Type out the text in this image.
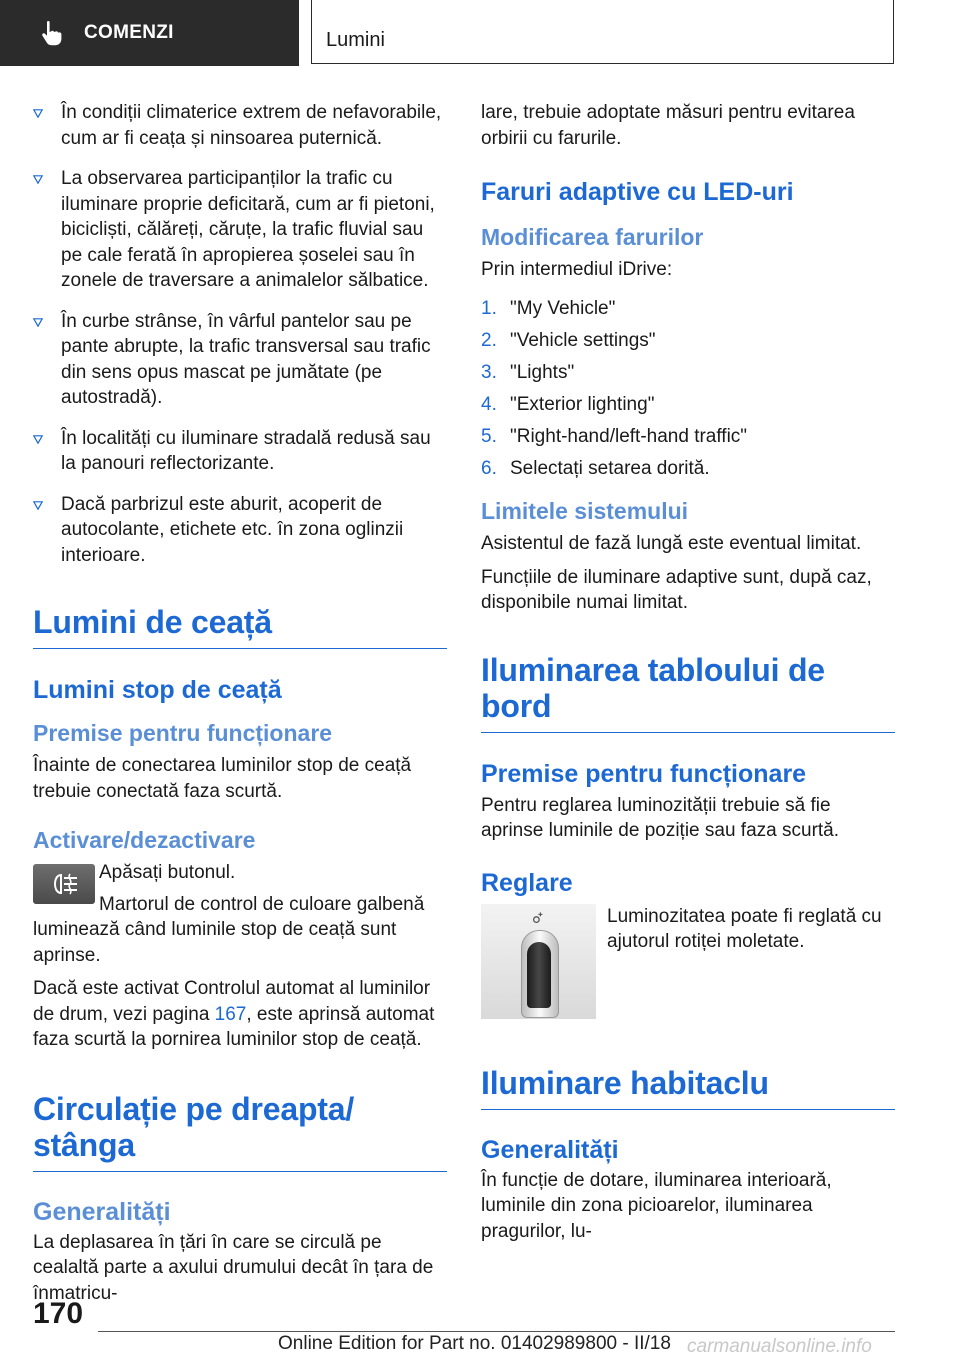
COMENZI	Lumini
În condiții climaterice extrem de nefavorabile, cum ar fi ceața și ninsoarea puternică.
La observarea participanților la trafic cu iluminare proprie deficitară, cum ar fi pietoni, bicicliști, călăreți, căruțe, la trafic fluvial sau pe cale ferată în apropierea șoselei sau în zonele de traversare a animalelor sălbatice.
În curbe strânse, în vârful pantelor sau pe pante abrupte, la trafic transversal sau trafic din sens opus mascat pe jumătate (pe autostradă).
În localități cu iluminare stradală redusă sau la panouri reflectorizante.
Dacă parbrizul este aburit, acoperit de autocolante, etichete etc. în zona oglinzii interioare.
Lumini de ceață
Lumini stop de ceață
Premise pentru funcționare

Înainte de conectarea luminilor stop de ceață trebuie conectată faza scurtă.

Activare/dezactivare

Apăsați butonul.

Martorul de control de culoare galbenă luminează când luminile stop de ceață sunt aprinse.

Dacă este activat Controlul automat al luminilor de drum, vezi pagina 167, este aprinsă automat faza scurtă la pornirea luminilor stop de ceață.

Circulație pe dreapta/ stânga
Generalități

La deplasarea în țări în care se circulă pe cealaltă parte a axului drumului decât în țara de înmatricu-

lare, trebuie adoptate măsuri pentru evitarea orbirii cu farurile.

Faruri adaptive cu LED-uri
Modificarea farurilor

Prin intermediul iDrive:

1. "My Vehicle"
2. "Vehicle settings"
3. "Lights"
4. "Exterior lighting"
5. "Right-hand/left-hand traffic"
6. Selectați setarea dorită.
Limitele sistemului

Asistentul de fază lungă este eventual limitat.

Funcțiile de iluminare adaptive sunt, după caz, disponibile numai limitat.

Iluminarea tabloului de bord
Premise pentru funcționare

Pentru reglarea luminozității trebuie să fie aprinse luminile de poziție sau faza scurtă.

Reglare

Luminozitatea poate fi reglată cu ajutorul rotiței moletate.

Iluminare habitaclu
Generalități

În funcție de dotare, iluminarea interioară, luminile din zona picioarelor, iluminarea pragurilor, lu-

170
Online Edition for Part no. 01402989800 - II/18 carmanualsonline.info
